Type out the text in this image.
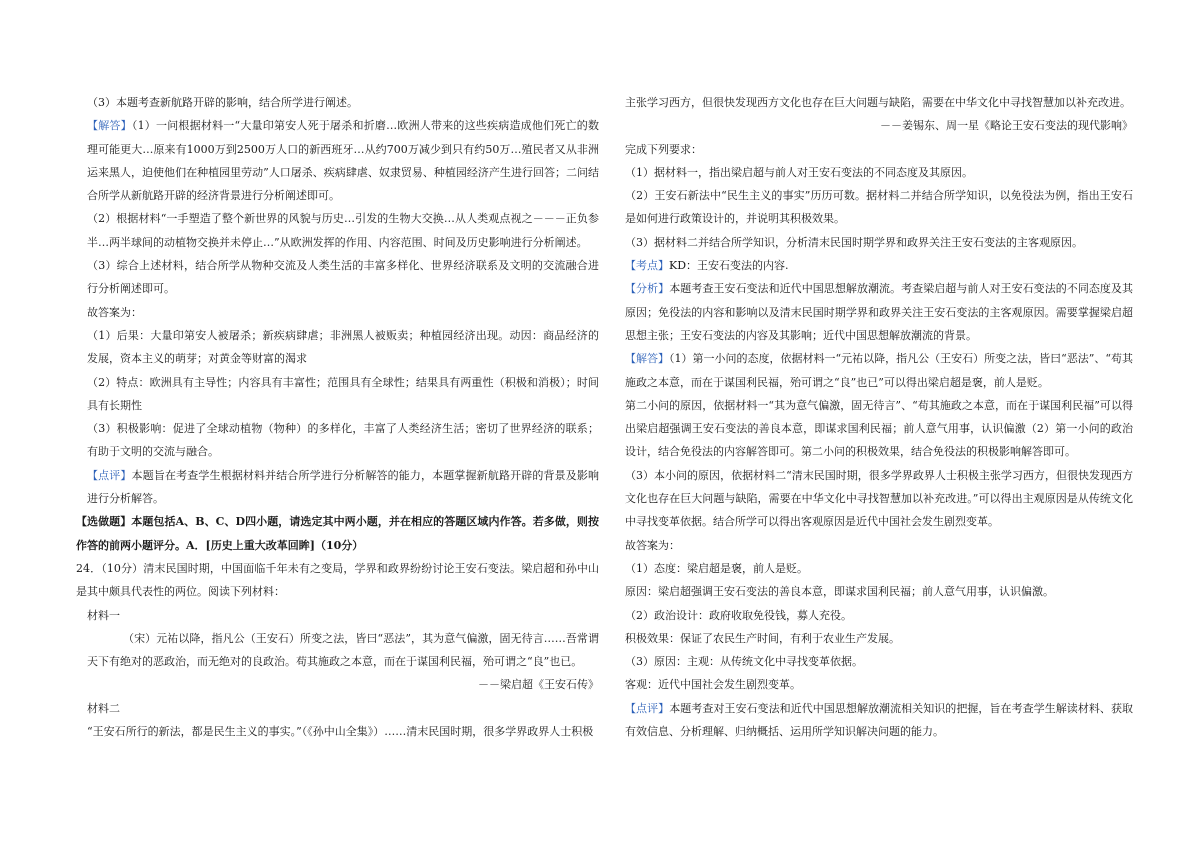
（3）本题考查新航路开辟的影响，结合所学进行阐述。

【解答】（1）一问根据材料一“大量印第安人死于屠杀和折磨…欧洲人带来的这些疾病造成他们死亡的数理可能更大…原来有1000万到2500万人口的新西班牙…从约700万减少到只有约50万…殖民者又从非洲运来黑人，迫使他们在种植园里劳动”人口屠杀、疾病肆虐、奴隶贸易、种植园经济产生进行回答；二问结合所学从新航路开辟的经济背景进行分析阐述即可。

（2）根据材料“一手塑造了整个新世界的风貌与历史…引发的生物大交换…从人类观点视之－－－正负参半…两半球间的动植物交换并未停止…”从欧洲发挥的作用、内容范围、时间及历史影响进行分析阐述。

（3）综合上述材料，结合所学从物种交流及人类生活的丰富多样化、世界经济联系及文明的交流融合进行分析阐述即可。

故答案为：

（1）后果：大量印第安人被屠杀；新疾病肆虐；非洲黑人被贩卖；种植园经济出现。动因：商品经济的发展，资本主义的萌芽；对黄金等财富的渴求

（2）特点：欧洲具有主导性；内容具有丰富性；范围具有全球性；结果具有两重性（积极和消极）；时间具有长期性

（3）积极影响：促进了全球动植物（物种）的多样化，丰富了人类经济生活；密切了世界经济的联系；有助于文明的交流与融合。

【点评】本题旨在考查学生根据材料并结合所学进行分析解答的能力，本题掌握新航路开辟的背景及影响进行分析解答。

【选做题】本题包括A、B、C、D四小题，请选定其中两小题，并在相应的答题区域内作答。若多做，则按作答的前两小题评分。A．[历史上重大改革回眸]（10分）

24．（10分）清末民国时期，中国面临千年未有之变局，学界和政界纷纷讨论王安石变法。梁启超和孙中山是其中颇具代表性的两位。阅读下列材料：

材料一

（宋）元祐以降，指凡公（王安石）所变之法，皆曰“恶法”，其为意气偏激，固无待言……吾常谓天下有绝对的恶政治，而无绝对的良政治。苟其施政之本意，而在于谋国利民福，殆可谓之“良”也已。

－－梁启超《王安石传》

材料二

“王安石所行的新法，都是民生主义的事实。”（《孙中山全集》）……清末民国时期，很多学界政界人士积极

主张学习西方，但很快发现西方文化也存在巨大问题与缺陷，需要在中华文化中寻找智慧加以补充改进。

－－姜锡东、周一星《略论王安石变法的现代影响》

完成下列要求：

（1）据材料一，指出梁启超与前人对王安石变法的不同态度及其原因。

（2）王安石新法中“民生主义的事实”历历可数。据材料二并结合所学知识，以免役法为例，指出王安石是如何进行政策设计的，并说明其积极效果。

（3）据材料二并结合所学知识，分析清末民国时期学界和政界关注王安石变法的主客观原因。

【考点】KD：王安石变法的内容.

【分析】本题考查王安石变法和近代中国思想解放潮流。考查梁启超与前人对王安石变法的不同态度及其原因；免役法的内容和影响以及清末民国时期学界和政界关注王安石变法的主客观原因。需要掌握梁启超思想主张；王安石变法的内容及其影响；近代中国思想解放潮流的背景。

【解答】（1）第一小问的态度，依据材料一“元祐以降，指凡公（王安石）所变之法，皆曰“恶法”、“苟其施政之本意，而在于谋国利民福，殆可谓之“良”也已”可以得出梁启超是褒，前人是贬。

第二小问的原因，依据材料一“其为意气偏激，固无待言”、“苟其施政之本意，而在于谋国利民福”可以得出梁启超强调王安石变法的善良本意，即谋求国利民福；前人意气用事，认识偏激（2）第一小问的政治设计，结合免役法的内容解答即可。第二小问的积极效果，结合免役法的积极影响解答即可。

（3）本小问的原因，依据材料二“清末民国时期，很多学界政界人士积极主张学习西方，但很快发现西方文化也存在巨大问题与缺陷，需要在中华文化中寻找智慧加以补充改进。”可以得出主观原因是从传统文化中寻找变革依据。结合所学可以得出客观原因是近代中国社会发生剧烈变革。

故答案为：

（1）态度：梁启超是褒，前人是贬。

原因：梁启超强调王安石变法的善良本意，即谋求国利民福；前人意气用事，认识偏激。

（2）政治设计：政府收取免役钱，募人充役。

积极效果：保证了农民生产时间，有利于农业生产发展。

（3）原因：主观：从传统文化中寻找变革依据。

客观：近代中国社会发生剧烈变革。

【点评】本题考查对王安石变法和近代中国思想解放潮流相关知识的把握，旨在考查学生解读材料、获取有效信息、分析理解、归纳概括、运用所学知识解决问题的能力。
